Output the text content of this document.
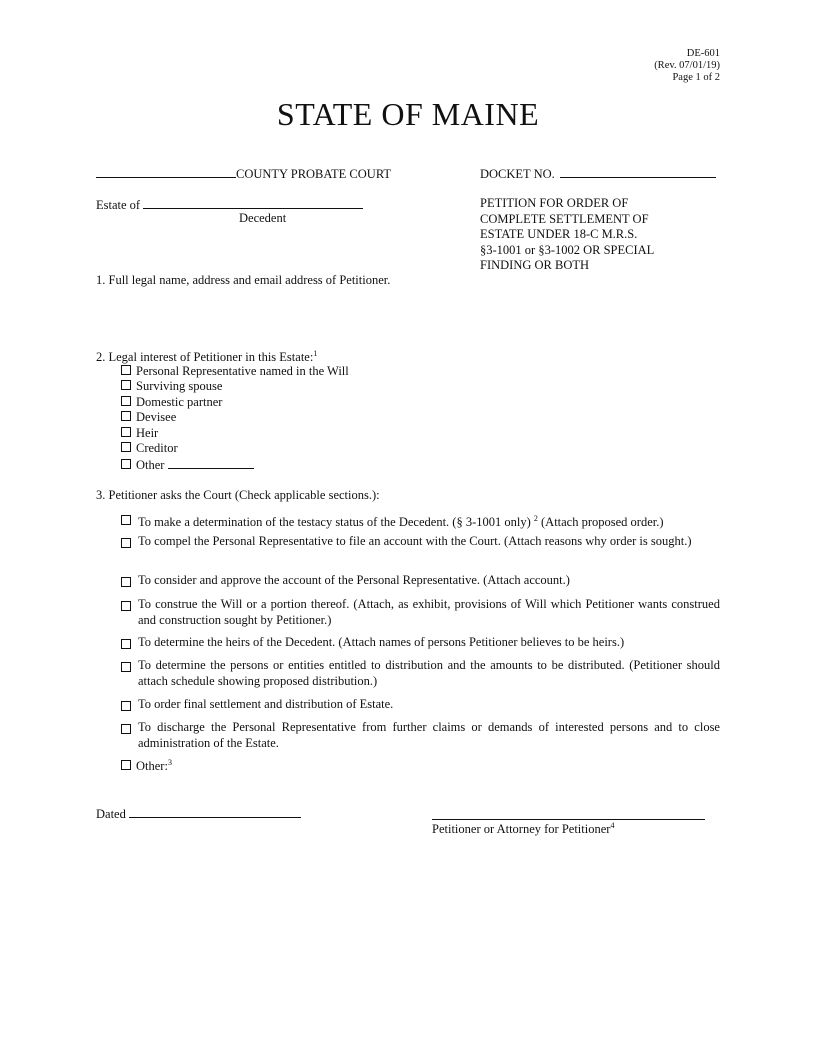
DE-601
(Rev. 07/01/19)
Page 1 of 2
STATE OF MAINE
COUNTY PROBATE COURT	DOCKET NO.
Estate of
Decedent
PETITION FOR ORDER OF
COMPLETE SETTLEMENT OF
ESTATE UNDER 18-C M.R.S.
§3-1001 or §3-1002 OR SPECIAL
FINDING OR BOTH
1. Full legal name, address and email address of Petitioner.
2. Legal interest of Petitioner in this Estate:$^1$
Personal Representative named in the Will
Surviving spouse
Domestic partner
Devisee
Heir
Creditor
Other
3. Petitioner asks the Court (Check applicable sections.):
To make a determination of the testacy status of the Decedent. (§ 3-1001 only) $^2$ (Attach proposed order.)
To compel the Personal Representative to file an account with the Court. (Attach reasons why order is sought.)
To consider and approve the account of the Personal Representative. (Attach account.)
To construe the Will or a portion thereof. (Attach, as exhibit, provisions of Will which Petitioner wants construed and construction sought by Petitioner.)
To determine the heirs of the Decedent. (Attach names of persons Petitioner believes to be heirs.)
To determine the persons or entities entitled to distribution and the amounts to be distributed. (Petitioner should attach schedule showing proposed distribution.)
To order final settlement and distribution of Estate.
To discharge the Personal Representative from further claims or demands of interested persons and to close administration of the Estate.
Other:$^3$
Dated
Petitioner or Attorney for Petitioner$^4$
